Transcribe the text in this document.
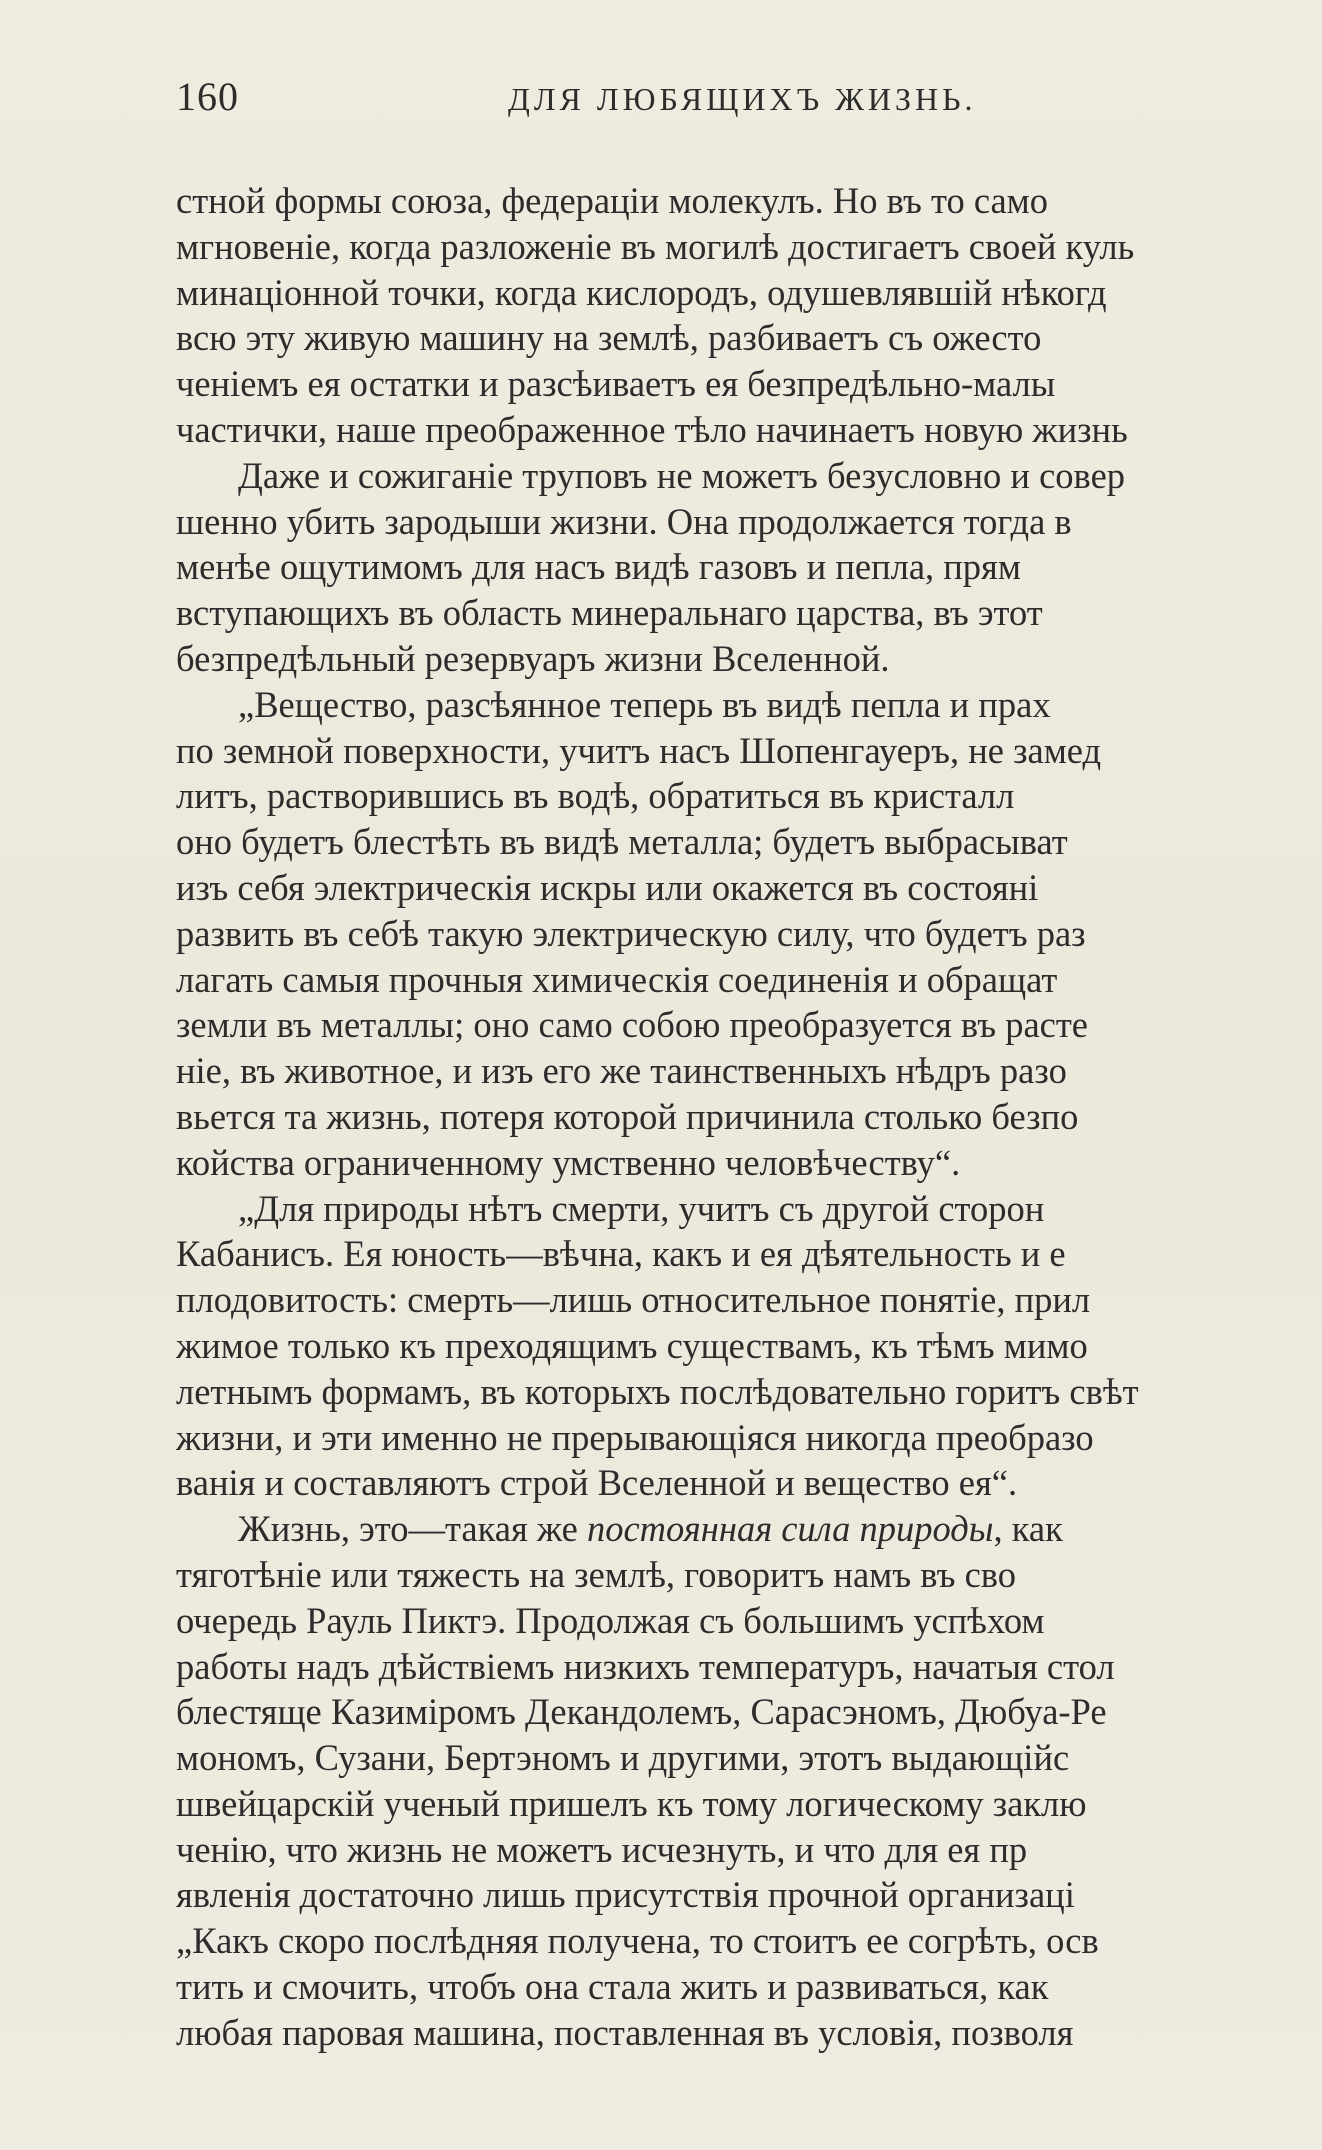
160	ДЛЯ ЛЮБЯЩИХЪ ЖИЗНЬ.
стной формы союза, федераціи молекулъ. Но въ то само
мгновеніе, когда разложеніе въ могилѣ достигаетъ своей куль
минаціонной точки, когда кислородъ, одушевлявшій нѣкогд
всю эту живую машину на землѣ, разбиваетъ съ ожесто
ченіемъ ея остатки и разсѣиваетъ ея безпредѣльно-малы
частички, наше преображенное тѣло начинаетъ новую жизнь
Даже и сожиганіе труповъ не можетъ безусловно и совер
шенно убить зародыши жизни. Она продолжается тогда в
менѣе ощутимомъ для насъ видѣ газовъ и пепла, прям
вступающихъ въ область минеральнаго царства, въ этот
безпредѣльный резервуаръ жизни Вселенной.
„Вещество, разсѣянное теперь въ видѣ пепла и прах
по земной поверхности, учитъ насъ Шопенгауеръ, не замед
литъ, растворившись въ водѣ, обратиться въ кристалл
оно будетъ блестѣть въ видѣ металла; будетъ выбрасыват
изъ себя электрическія искры или окажется въ состояні
развить въ себѣ такую электрическую силу, что будетъ раз
лагать самыя прочныя химическія соединенія и обращат
земли въ металлы; оно само собою преобразуется въ расте
ніе, въ животное, и изъ его же таинственныхъ нѣдръ разо
вьется та жизнь, потеря которой причинила столько безпо
койства ограниченному умственно человѣчеству“.
„Для природы нѣтъ смерти, учитъ съ другой сторон
Кабанисъ. Ея юность—вѣчна, какъ и ея дѣятельность и е
плодовитость: смерть—лишь относительное понятіе, прил
жимое только къ преходящимъ существамъ, къ тѣмъ мимо
летнымъ формамъ, въ которыхъ послѣдовательно горитъ свѣт
жизни, и эти именно не прерывающіяся никогда преобразо
ванія и составляютъ строй Вселенной и вещество ея“.
Жизнь, это—такая же постоянная сила природы, как
тяготѣніе или тяжесть на землѣ, говоритъ намъ въ сво
очередь Рауль Пиктэ. Продолжая съ большимъ успѣхом
работы надъ дѣйствіемъ низкихъ температуръ, начатыя стол
блестяще Казиміромъ Декандолемъ, Сарасэномъ, Дюбуа-Ре
мономъ, Сузани, Бертэномъ и другими, этотъ выдающійс
швейцарскій ученый пришелъ къ тому логическому заклю
ченію, что жизнь не можетъ исчезнуть, и что для ея пр
явленія достаточно лишь присутствія прочной организаці
„Какъ скоро послѣдняя получена, то стоитъ ее согрѣть, осв
тить и смочить, чтобъ она стала жить и развиваться, как
любая паровая машина, поставленная въ условія, позволя
